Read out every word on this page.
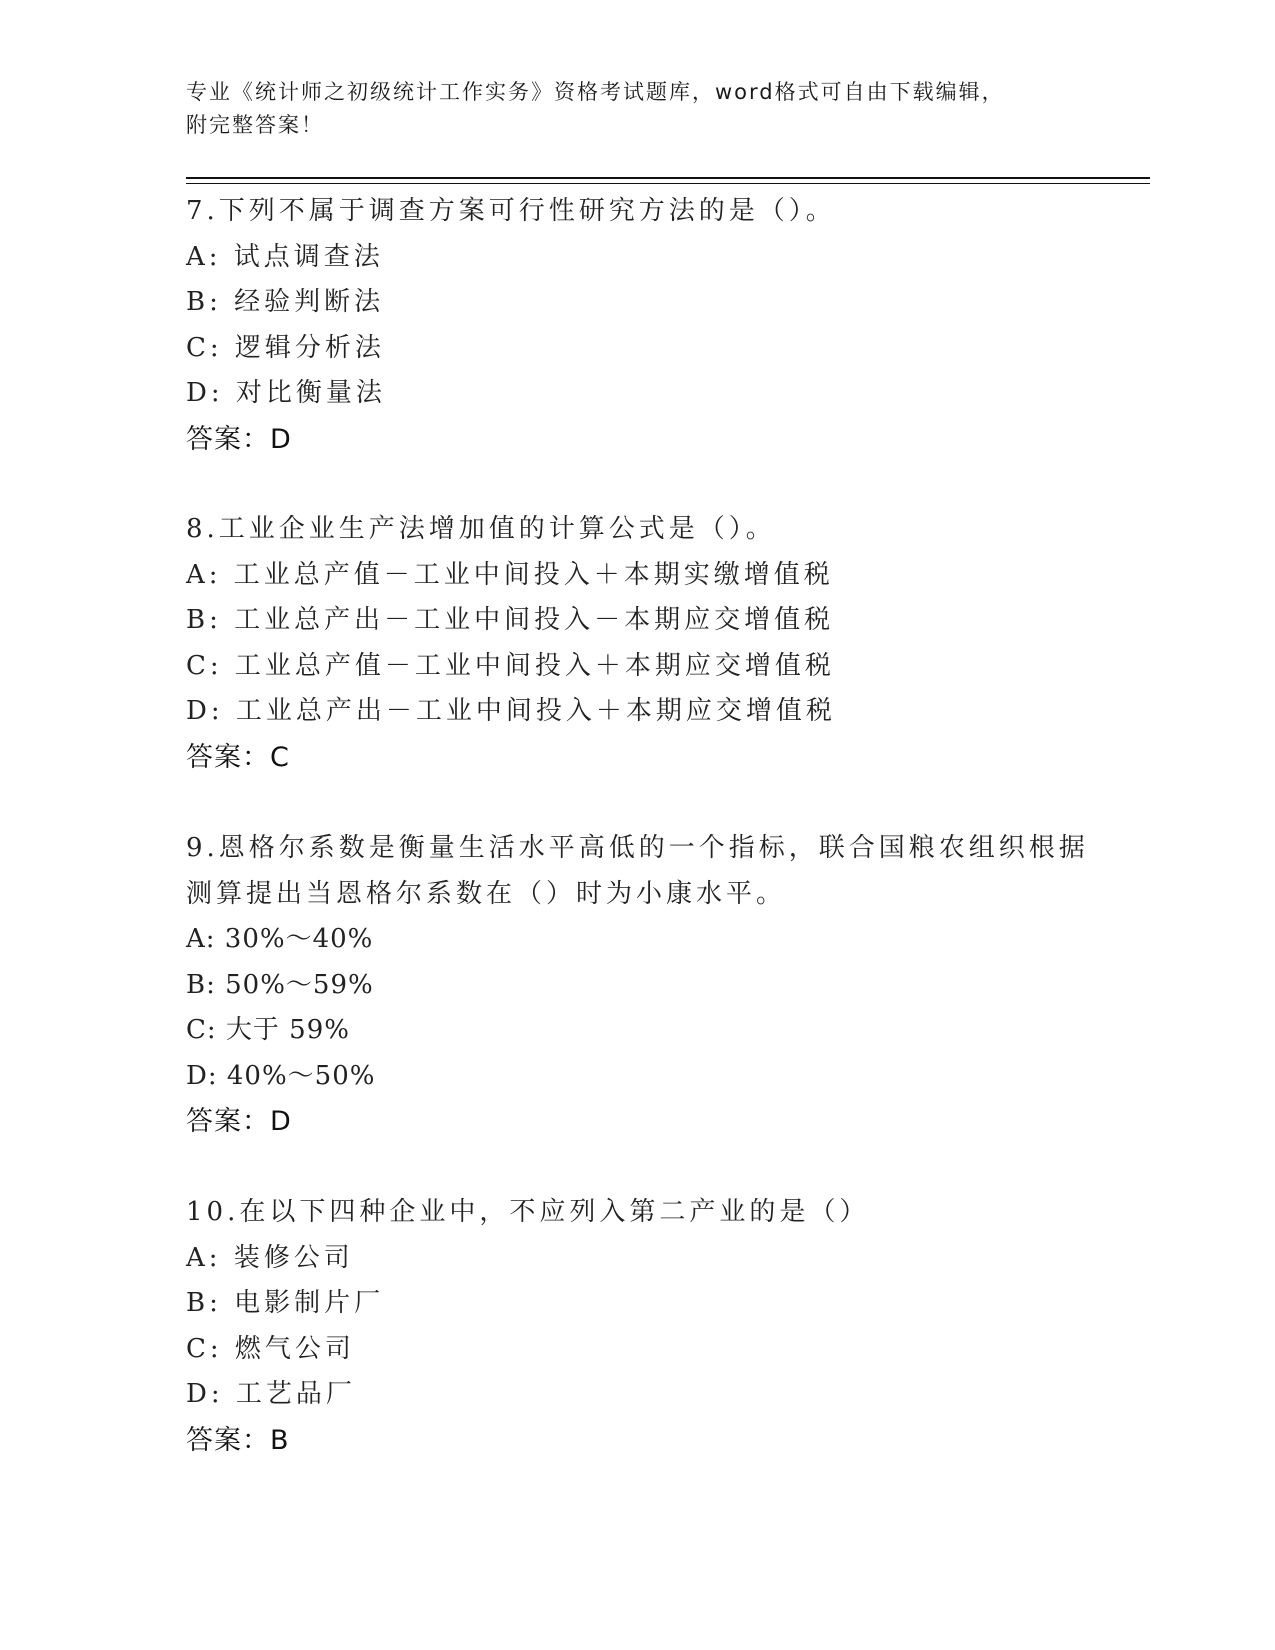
专业《统计师之初级统计工作实务》资格考试题库，word格式可自由下载编辑，
附完整答案！
7.下列不属于调查方案可行性研究方法的是（）。
A: 试点调查法
B: 经验判断法
C: 逻辑分析法
D: 对比衡量法
答案：D
8.工业企业生产法增加值的计算公式是（）。
A: 工业总产值－工业中间投入＋本期实缴增值税
B: 工业总产出－工业中间投入－本期应交增值税
C: 工业总产值－工业中间投入＋本期应交增值税
D: 工业总产出－工业中间投入＋本期应交增值税
答案：C
9.恩格尔系数是衡量生活水平高低的一个指标，联合国粮农组织根据
测算提出当恩格尔系数在（）时为小康水平。
A: 30%～40%
B: 50%～59%
C: 大于 59%
D: 40%～50%
答案：D
10.在以下四种企业中，不应列入第二产业的是（）
A: 装修公司
B: 电影制片厂
C: 燃气公司
D: 工艺品厂
答案：B
